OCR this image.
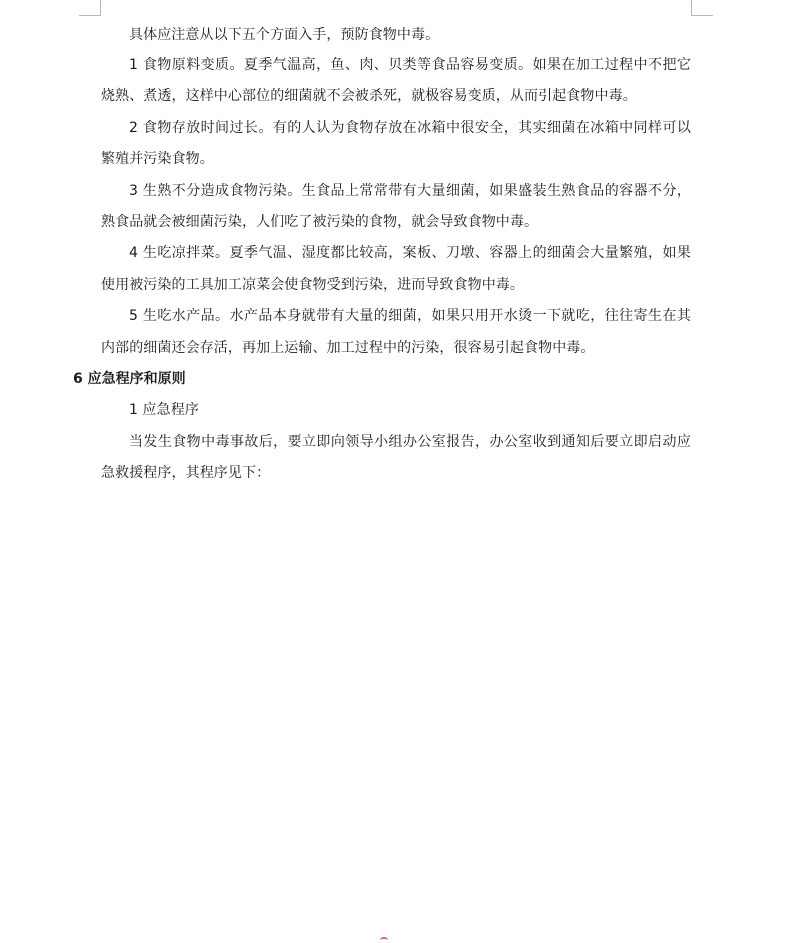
具体应注意从以下五个方面入手，预防食物中毒。

1 食物原料变质。夏季气温高，鱼、肉、贝类等食品容易变质。如果在加工过程中不把它烧熟、煮透，这样中心部位的细菌就不会被杀死，就极容易变质，从而引起食物中毒。

2 食物存放时间过长。有的人认为食物存放在冰箱中很安全，其实细菌在冰箱中同样可以繁殖并污染食物。

3 生熟不分造成食物污染。生食品上常常带有大量细菌，如果盛装生熟食品的容器不分，熟食品就会被细菌污染，人们吃了被污染的食物，就会导致食物中毒。

4 生吃凉拌菜。夏季气温、湿度都比较高，案板、刀墩、容器上的细菌会大量繁殖，如果使用被污染的工具加工凉菜会使食物受到污染，进而导致食物中毒。

5 生吃水产品。水产品本身就带有大量的细菌，如果只用开水烫一下就吃，往往寄生在其内部的细菌还会存活，再加上运输、加工过程中的污染，很容易引起食物中毒。

6 应急程序和原则

1 应急程序

当发生食物中毒事故后，要立即向领导小组办公室报告，办公室收到通知后要立即启动应急救援程序，其程序见下：
